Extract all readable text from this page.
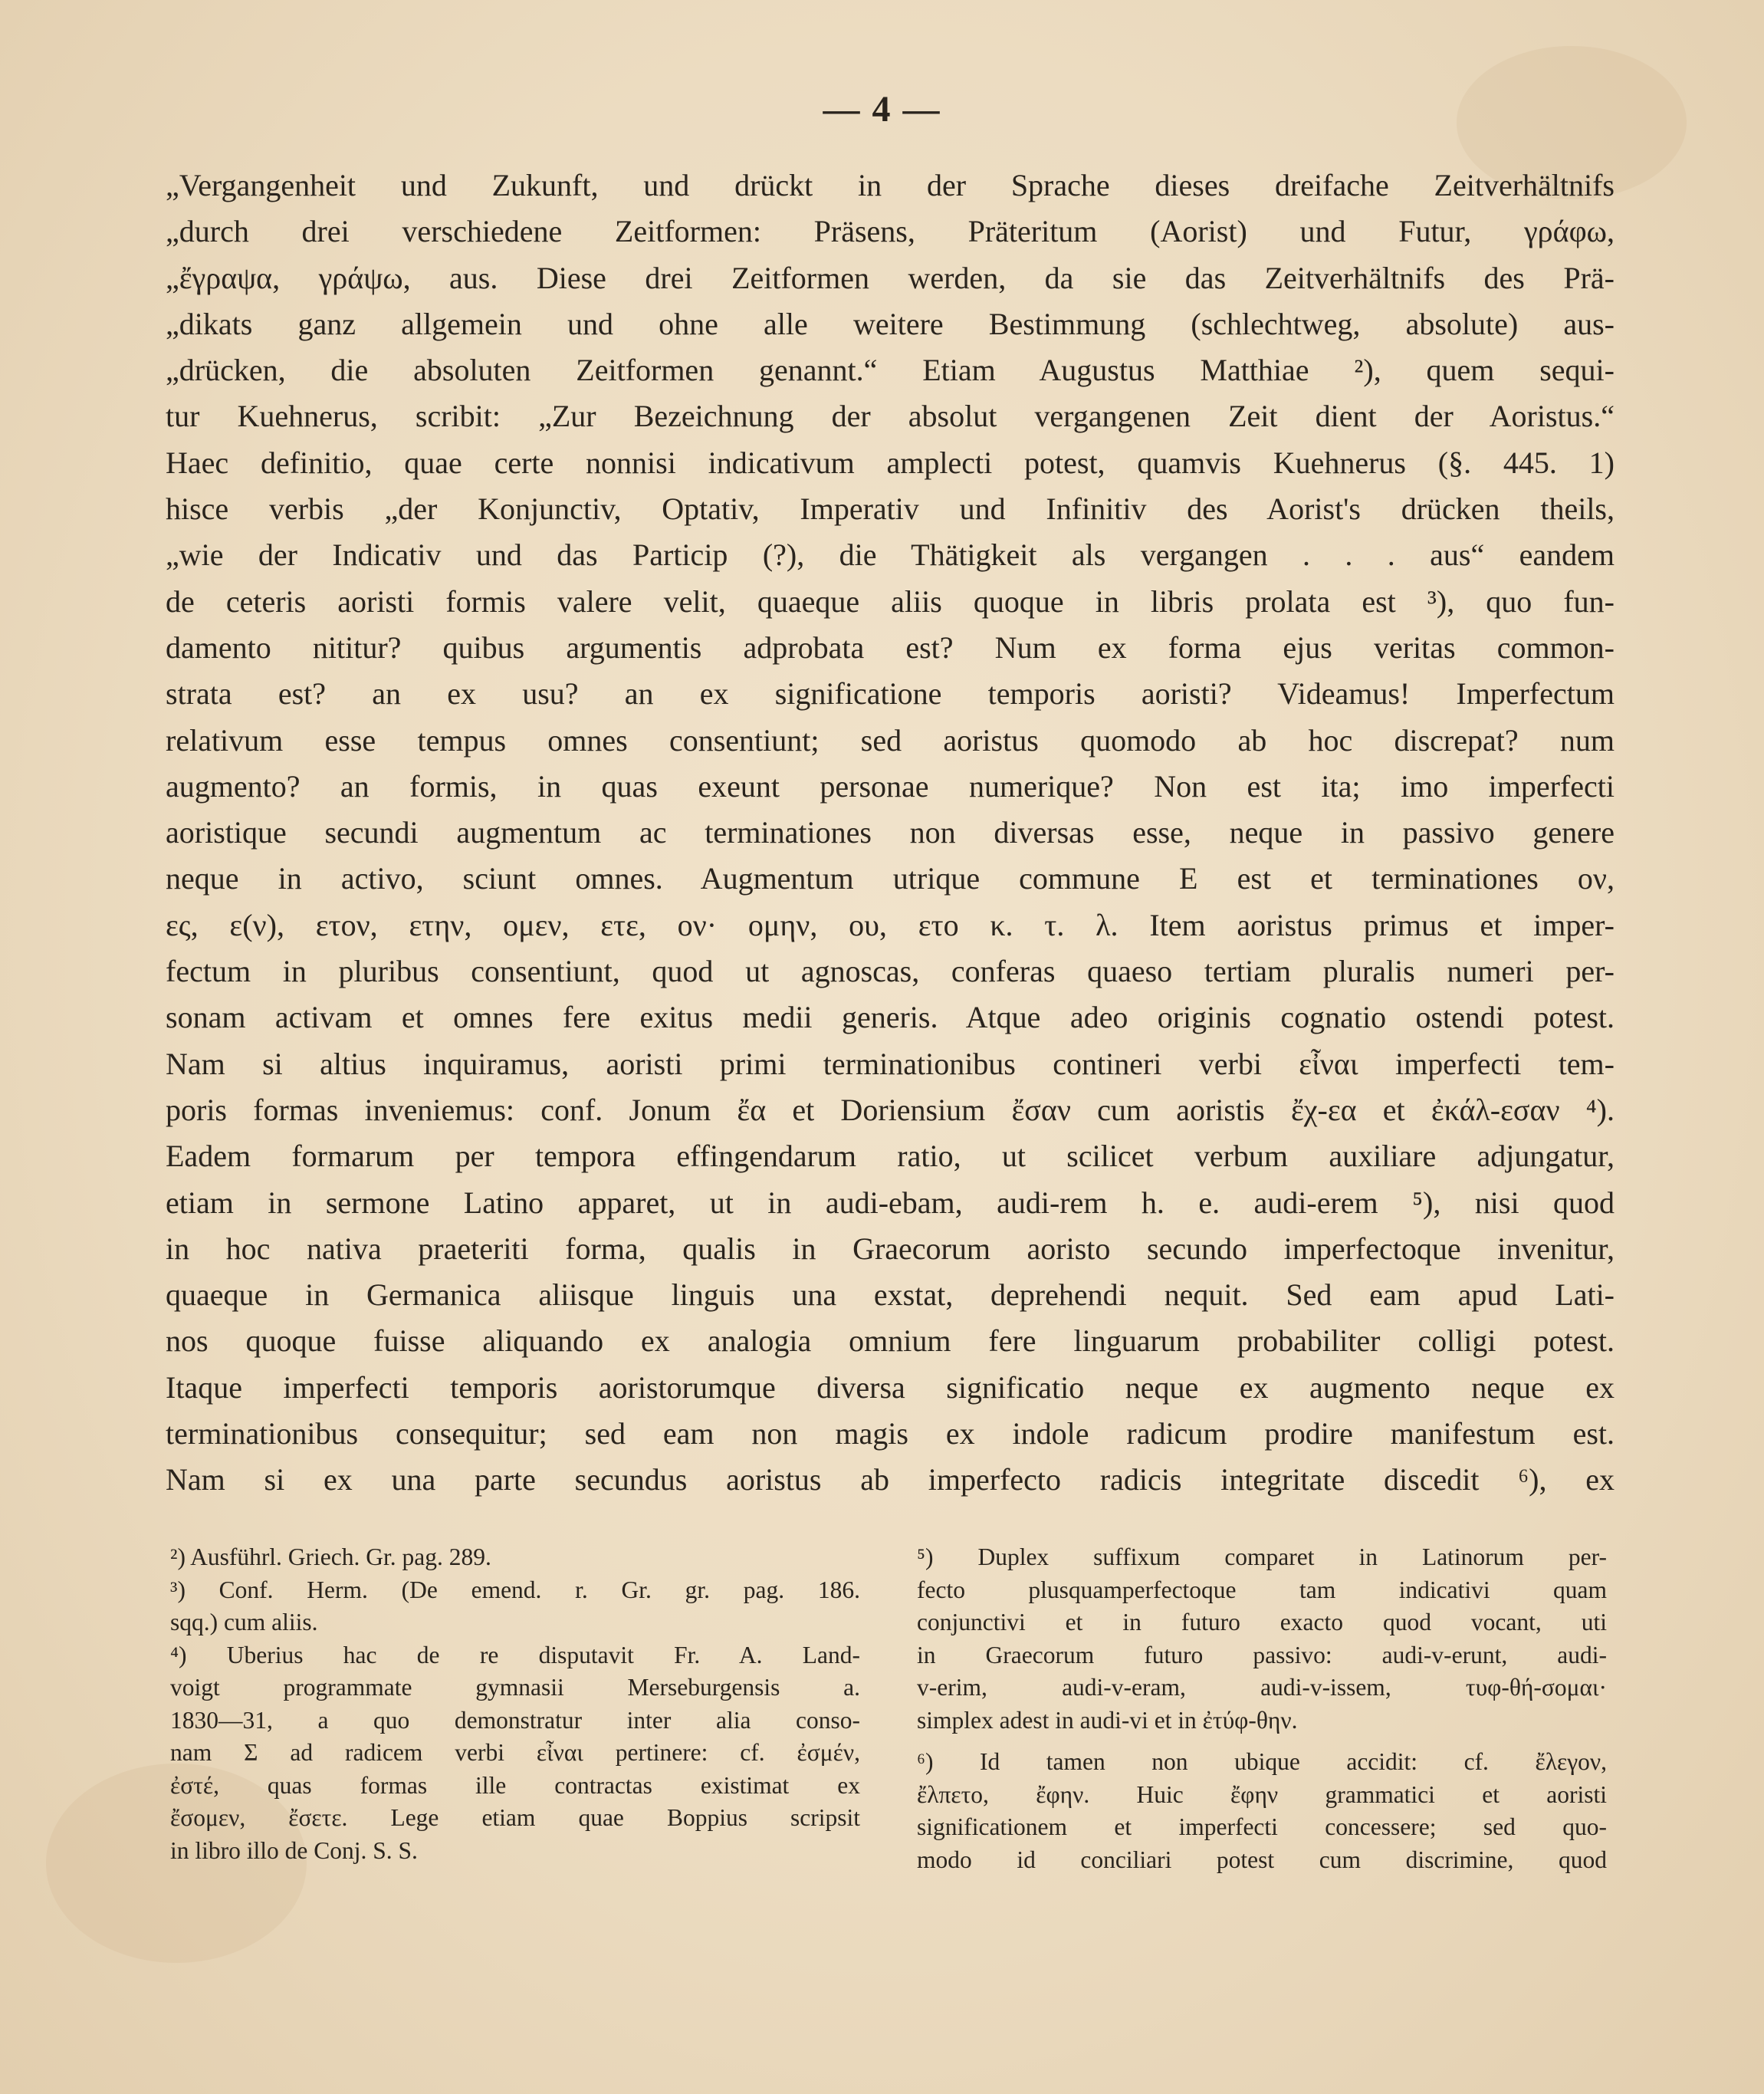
— 4 —
„Vergangenheit und Zukunft, und drückt in der Sprache dieses dreifache Zeitverhältnifs
„durch drei verschiedene Zeitformen: Präsens, Präteritum (Aorist) und Futur, γράφω,
„ἔγραψα, γράψω, aus. Diese drei Zeitformen werden, da sie das Zeitverhältnifs des Prä-
„dikats ganz allgemein und ohne alle weitere Bestimmung (schlechtweg, absolute) aus-
„drücken, die absoluten Zeitformen genannt.“ Etiam Augustus Matthiae ²), quem sequi-
tur Kuehnerus, scribit: „Zur Bezeichnung der absolut vergangenen Zeit dient der Aoristus.“
Haec definitio, quae certe nonnisi indicativum amplecti potest, quamvis Kuehnerus (§. 445. 1)
hisce verbis „der Konjunctiv, Optativ, Imperativ und Infinitiv des Aorist's drücken theils,
„wie der Indicativ und das Particip (?), die Thätigkeit als vergangen . . . aus“ eandem
de ceteris aoristi formis valere velit, quaeque aliis quoque in libris prolata est ³), quo fun-
damento nititur? quibus argumentis adprobata est? Num ex forma ejus veritas common-
strata est? an ex usu? an ex significatione temporis aoristi? Videamus! Imperfectum
relativum esse tempus omnes consentiunt; sed aoristus quomodo ab hoc discrepat? num
augmento? an formis, in quas exeunt personae numerique? Non est ita; imo imperfecti
aoristique secundi augmentum ac terminationes non diversas esse, neque in passivo genere
neque in activo, sciunt omnes. Augmentum utrique commune E est et terminationes ον,
ες, ε(ν), ετον, ετην, ομεν, ετε, ον· ομην, ου, ετο κ. τ. λ. Item aoristus primus et imper-
fectum in pluribus consentiunt, quod ut agnoscas, conferas quaeso tertiam pluralis numeri per-
sonam activam et omnes fere exitus medii generis. Atque adeo originis cognatio ostendi potest.
Nam si altius inquiramus, aoristi primi terminationibus contineri verbi εἶναι imperfecti tem-
poris formas inveniemus: conf. Jonum ἔα et Doriensium ἔσαν cum aoristis ἔχ-εα et ἐκάλ-εσαν ⁴).
Eadem formarum per tempora effingendarum ratio, ut scilicet verbum auxiliare adjungatur,
etiam in sermone Latino apparet, ut in audi-ebam, audi-rem h. e. audi-erem ⁵), nisi quod
in hoc nativa praeteriti forma, qualis in Graecorum aoristo secundo imperfectoque invenitur,
quaeque in Germanica aliisque linguis una exstat, deprehendi nequit. Sed eam apud Lati-
nos quoque fuisse aliquando ex analogia omnium fere linguarum probabiliter colligi potest.
Itaque imperfecti temporis aoristorumque diversa significatio neque ex augmento neque ex
terminationibus consequitur; sed eam non magis ex indole radicum prodire manifestum est.
Nam si ex una parte secundus aoristus ab imperfecto radicis integritate discedit ⁶), ex
²) Ausführl. Griech. Gr. pag. 289.
³) Conf. Herm. (De emend. r. Gr. gr. pag. 186.
sqq.) cum aliis.
⁴) Uberius hac de re disputavit Fr. A. Land-
voigt programmate gymnasii Merseburgensis a.
1830—31, a quo demonstratur inter alia conso-
nam Σ ad radicem verbi εἶναι pertinere: cf. ἐσμέν,
ἐστέ, quas formas ille contractas existimat ex
ἔσομεν, ἔσετε. Lege etiam quae Boppius scripsit
in libro illo de Conj. S. S.
⁵) Duplex suffixum comparet in Latinorum per-
fecto plusquamperfectoque tam indicativi quam
conjunctivi et in futuro exacto quod vocant, uti
in Graecorum futuro passivo: audi-v-erunt, audi-
v-erim, audi-v-eram, audi-v-issem, τυφ-θή-σομαι·
simplex adest in audi-vi et in ἐτύφ-θην.
⁶) Id tamen non ubique accidit: cf. ἔλεγον,
ἔλπετο, ἔφην. Huic ἔφην grammatici et aoristi
significationem et imperfecti concessere; sed quo-
modo id conciliari potest cum discrimine, quod
